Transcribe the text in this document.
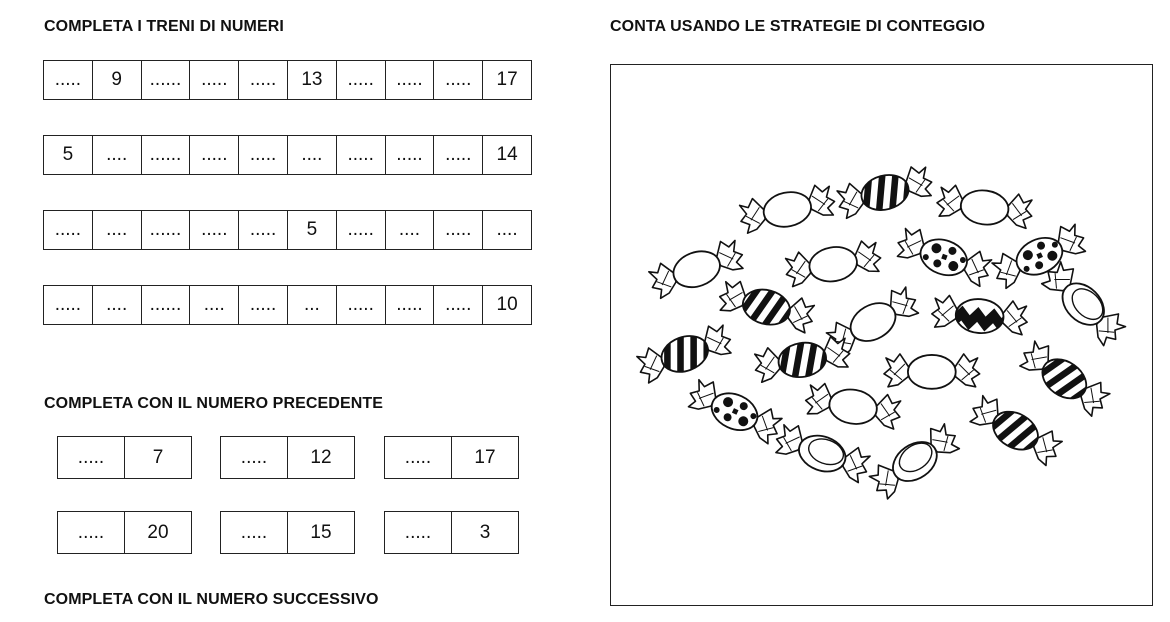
COMPLETA I TRENI DI NUMERI
.....	9	......	.....	.....	13	.....	.....	.....	17
5	....	......	.....	.....	....	.....	.....	.....	14
.....	....	......	.....	.....	5	.....	....	.....	....
.....	....	......	....	.....	...	.....	.....	.....	10
COMPLETA CON IL NUMERO PRECEDENTE
.....	7	.....	12	.....	17
.....	20	.....	15	.....	3
COMPLETA CON IL NUMERO SUCCESSIVO
CONTA USANDO LE STRATEGIE DI CONTEGGIO
